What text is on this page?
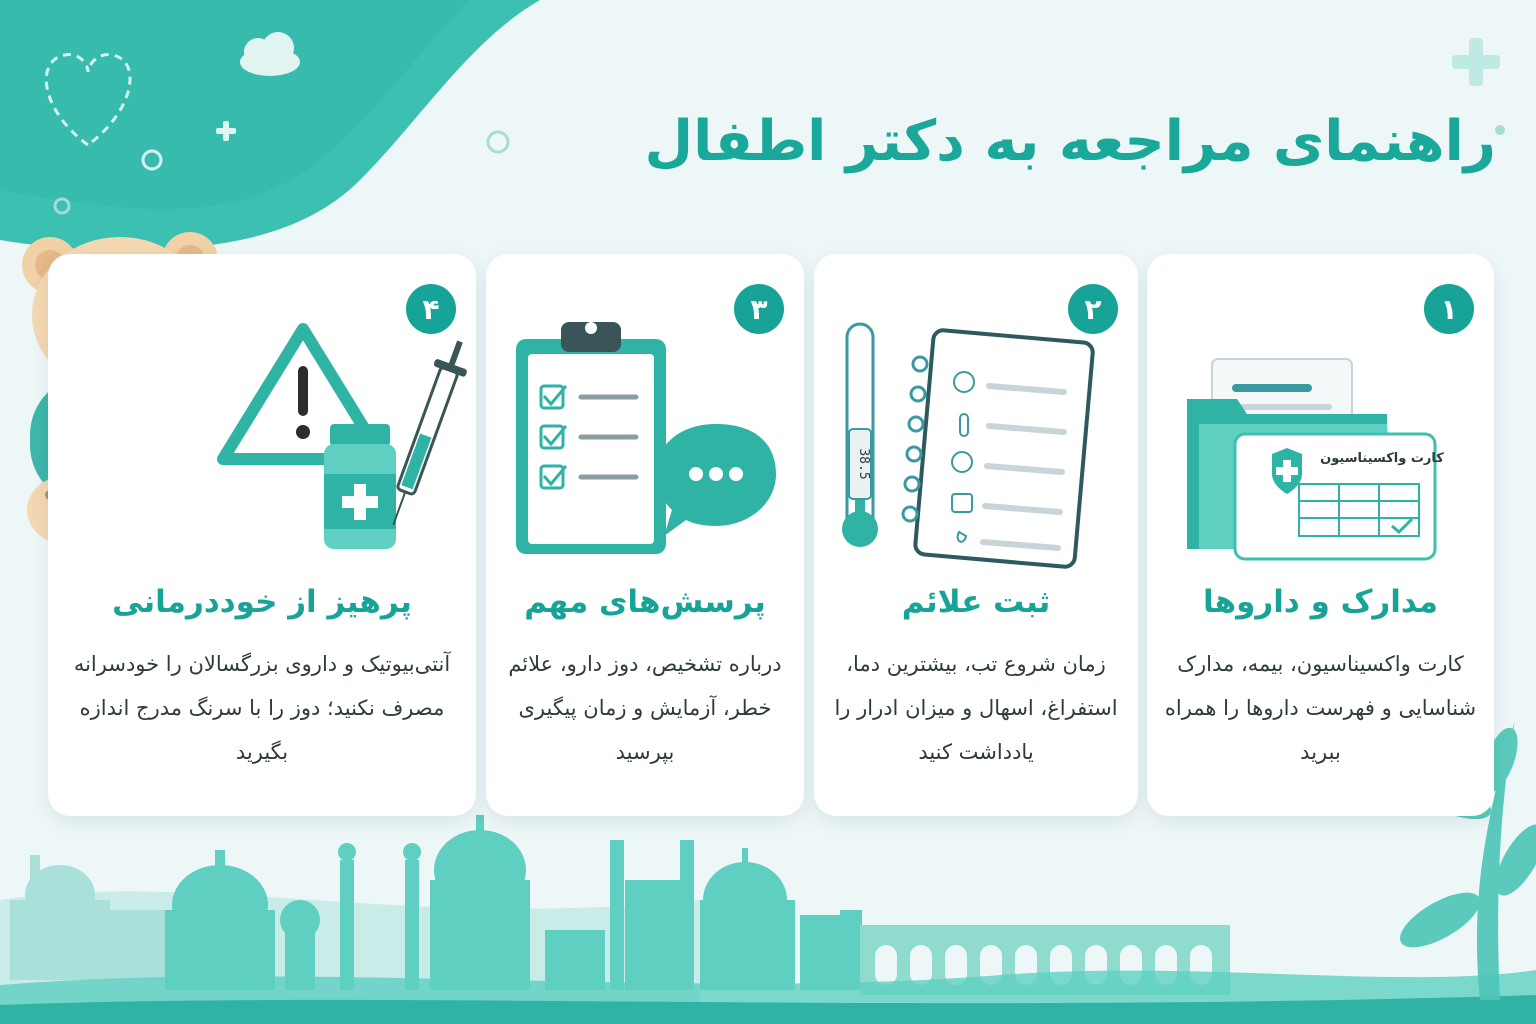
راهنمای مراجعه به دکتر اطفال
۱
کارت واکسیناسیون
مدارک و داروها
کارت واکسیناسیون، بیمه، مدارک شناسایی و فهرست داروها را همراه ببرید
۲
38.5
ثبت علائم
زمان شروع تب، بیشترین دما، استفراغ، اسهال و میزان ادرار را یادداشت کنید
۳
پرسش‌های مهم
درباره تشخیص، دوز دارو، علائم خطر، آزمایش و زمان پیگیری بپرسید
۴
پرهیز از خوددرمانی
آنتی‌بیوتیک و داروی بزرگسالان را خودسرانه مصرف نکنید؛ دوز را با سرنگ مدرج اندازه بگیرید
